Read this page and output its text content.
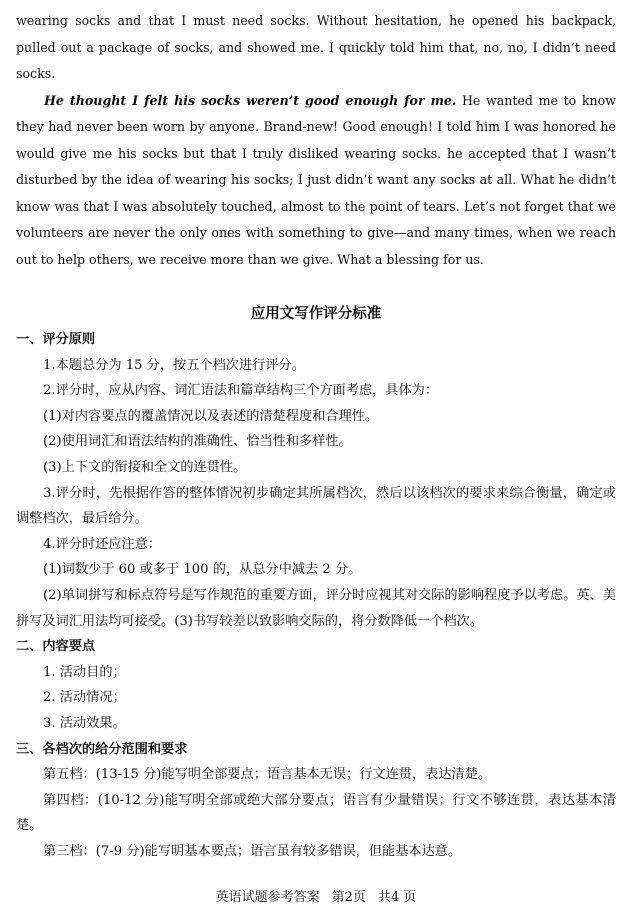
wearing socks and that I must need socks. Without hesitation, he opened his backpack, pulled out a package of socks, and showed me. I quickly told him that, no, no, I didn’t need socks.

He thought I felt his socks weren’t good enough for me. He wanted me to know they had never been worn by anyone. Brand-new! Good enough! I told him I was honored he would give me his socks but that I truly disliked wearing socks. he accepted that I wasn’t disturbed by the idea of wearing his socks; I just didn’t want any socks at all. What he didn’t know was that I was absolutely touched, almost to the point of tears. Let’s not forget that we volunteers are never the only ones with something to give—and many times, when we reach out to help others, we receive more than we give. What a blessing for us.

应用文写作评分标准

一、评分原则

1.本题总分为 15 分，按五个档次进行评分。

2.评分时，应从内容、词汇语法和篇章结构三个方面考虑，具体为：

(1)对内容要点的覆盖情况以及表述的清楚程度和合理性。

(2)使用词汇和语法结构的准确性、恰当性和多样性。

(3)上下文的衔接和全文的连贯性。

3.评分时，先根据作答的整体情况初步确定其所属档次，然后以该档次的要求来综合衡量，确定或调整档次，最后给分。

4.评分时还应注意：

(1)词数少于 60 或多于 100 的，从总分中减去 2 分。

(2)单词拼写和标点符号是写作规范的重要方面，评分时应视其对交际的影响程度予以考虑。英、美拼写及词汇用法均可接受。(3)书写较差以致影响交际的，将分数降低一个档次。

二、内容要点

1. 活动目的；

2. 活动情况；

3. 活动效果。

三、各档次的给分范围和要求

第五档：(13-15 分)能写明全部要点；语言基本无误；行文连贯，表达清楚。

第四档：(10-12 分)能写明全部或绝大部分要点；语言有少量错误；行文不够连贯，表达基本清楚。

第三档：(7-9 分)能写明基本要点；语言虽有较多错误，但能基本达意。

英语试题参考答案 第2页 共4 页
